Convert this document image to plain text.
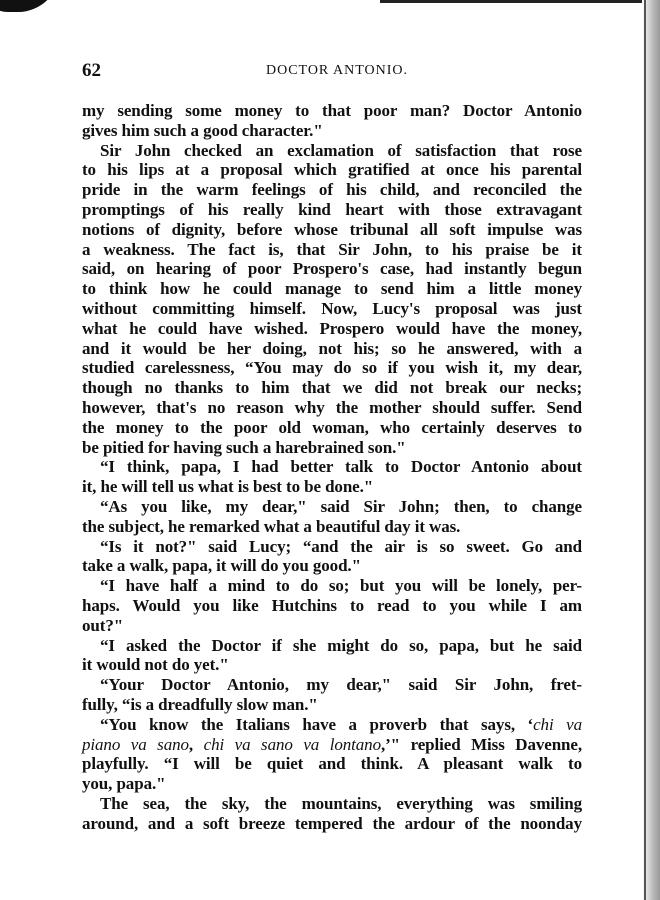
62	DOCTOR ANTONIO.
my sending some money to that poor man? Doctor Antonio
gives him such a good character."
Sir John checked an exclamation of satisfaction that rose
to his lips at a proposal which gratified at once his parental
pride in the warm feelings of his child, and reconciled the
promptings of his really kind heart with those extravagant
notions of dignity, before whose tribunal all soft impulse was
a weakness. The fact is, that Sir John, to his praise be it
said, on hearing of poor Prospero's case, had instantly begun
to think how he could manage to send him a little money
without committing himself. Now, Lucy's proposal was just
what he could have wished. Prospero would have the money,
and it would be her doing, not his; so he answered, with a
studied carelessness, “You may do so if you wish it, my dear,
though no thanks to him that we did not break our necks;
however, that's no reason why the mother should suffer. Send
the money to the poor old woman, who certainly deserves to
be pitied for having such a harebrained son."
“I think, papa, I had better talk to Doctor Antonio about
it, he will tell us what is best to be done."
“As you like, my dear," said Sir John; then, to change
the subject, he remarked what a beautiful day it was.
“Is it not?" said Lucy; “and the air is so sweet. Go and
take a walk, papa, it will do you good."
“I have half a mind to do so; but you will be lonely, per-
haps. Would you like Hutchins to read to you while I am
out?"
“I asked the Doctor if she might do so, papa, but he said
it would not do yet."
“Your Doctor Antonio, my dear," said Sir John, fret-
fully, “is a dreadfully slow man."
“You know the Italians have a proverb that says, ‘chi va
piano va sano, chi va sano va lontano,’" replied Miss Davenne,
playfully. “I will be quiet and think. A pleasant walk to
you, papa."
The sea, the sky, the mountains, everything was smiling
around, and a soft breeze tempered the ardour of the noonday
